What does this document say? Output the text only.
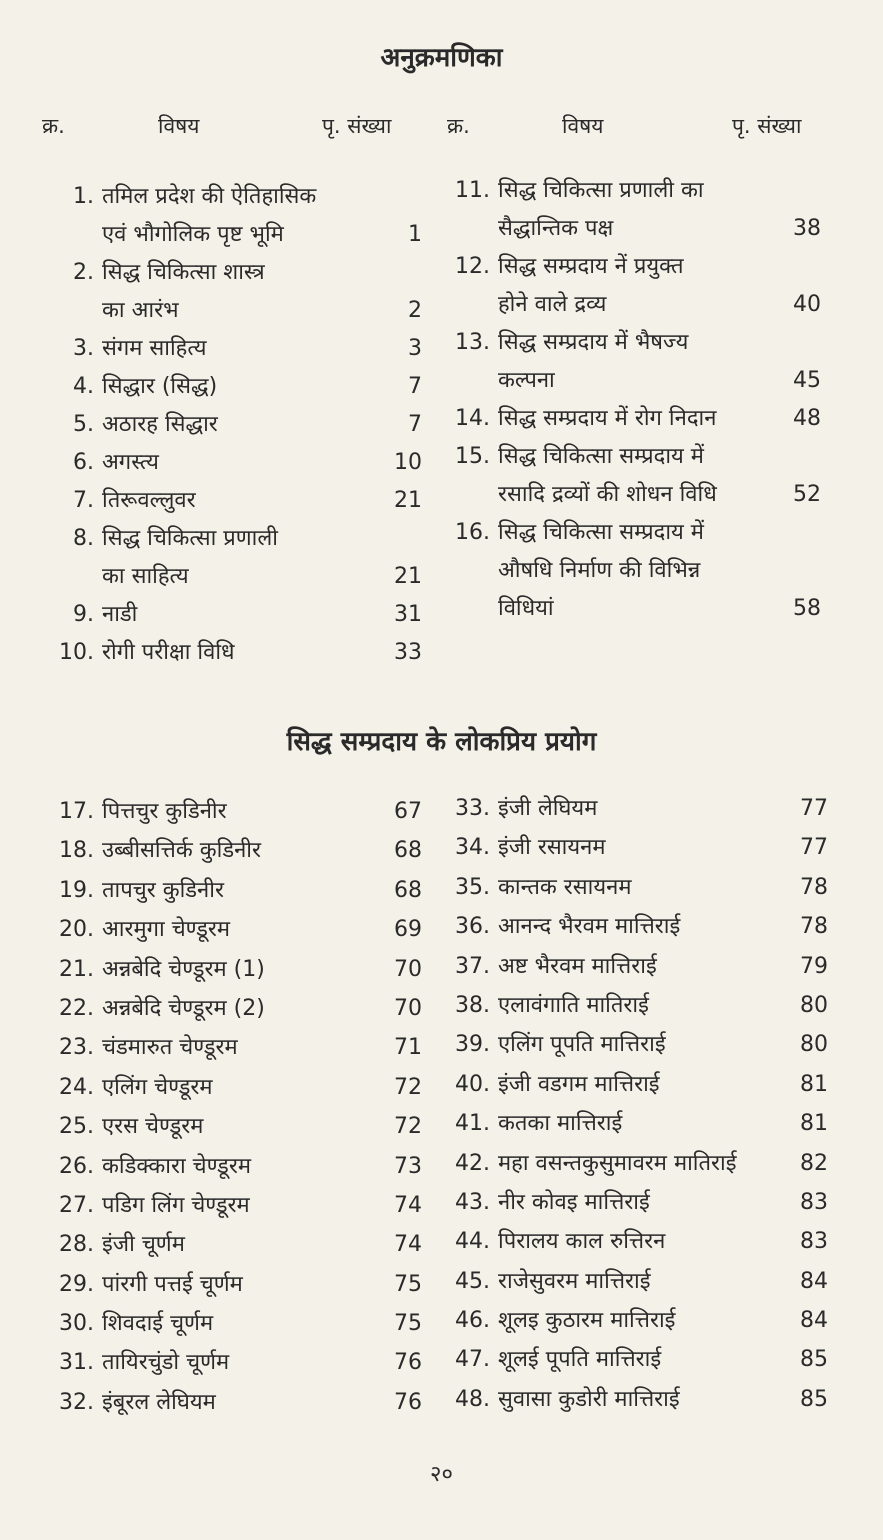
अनुक्रमणिका
क्र.	विषय	पृ. संख्या	क्र.	विषय	पृ. संख्या
1. तमिल प्रदेश की ऐतिहासिक
एवं भौगोलिक पृष्ट भूमि	1
2. सिद्ध चिकित्सा शास्त्र
का आरंभ	2
3. संगम साहित्य	3
4. सिद्धार (सिद्ध)	7
5. अठारह सिद्धार	7
6. अगस्त्य	10
7. तिरूवल्लुवर	21
8. सिद्ध चिकित्सा प्रणाली
का साहित्य	21
9. नाडी	31
10. रोगी परीक्षा विधि	33
11. सिद्ध चिकित्सा प्रणाली का
सैद्धान्तिक पक्ष	38
12. सिद्ध सम्प्रदाय नें प्रयुक्त
होने वाले द्रव्य	40
13. सिद्ध सम्प्रदाय में भैषज्य
कल्पना	45
14. सिद्ध सम्प्रदाय में रोग निदान	48
15. सिद्ध चिकित्सा सम्प्रदाय में
रसादि द्रव्यों की शोधन विधि	52
16. सिद्ध चिकित्सा सम्प्रदाय में
औषधि निर्माण की विभिन्न
विधियां	58
सिद्ध सम्प्रदाय के लोकप्रिय प्रयोग
17. पित्तचुर कुडिनीर	67
18. उब्बीसत्तिर्क कुडिनीर	68
19. तापचुर कुडिनीर	68
20. आरमुगा चेण्डूरम	69
21. अन्नबेदि चेण्डूरम (1)	70
22. अन्नबेदि चेण्डूरम (2)	70
23. चंडमारुत चेण्डूरम	71
24. एलिंग चेण्डूरम	72
25. एरस चेण्डूरम	72
26. कडिक्कारा चेण्डूरम	73
27. पडिग लिंग चेण्डूरम	74
28. इंजी चूर्णम	74
29. पांरगी पत्तई चूर्णम	75
30. शिवदाई चूर्णम	75
31. तायिरचुंडो चूर्णम	76
32. इंबूरल लेघियम	76
33. इंजी लेघियम	77
34. इंजी रसायनम	77
35. कान्तक रसायनम	78
36. आनन्द भैरवम मात्तिराई	78
37. अष्ट भैरवम मात्तिराई	79
38. एलावंगाति मातिराई	80
39. एलिंग पूपति मात्तिराई	80
40. इंजी वडगम मात्तिराई	81
41. कतका मात्तिराई	81
42. महा वसन्तकुसुमावरम मातिराई	82
43. नीर कोवइ मात्तिराई	83
44. पिरालय काल रुत्तिरन	83
45. राजेसुवरम मात्तिराई	84
46. शूलइ कुठारम मात्तिराई	84
47. शूलई पूपति मात्तिराई	85
48. सुवासा कुडोरी मात्तिराई	85
२०
